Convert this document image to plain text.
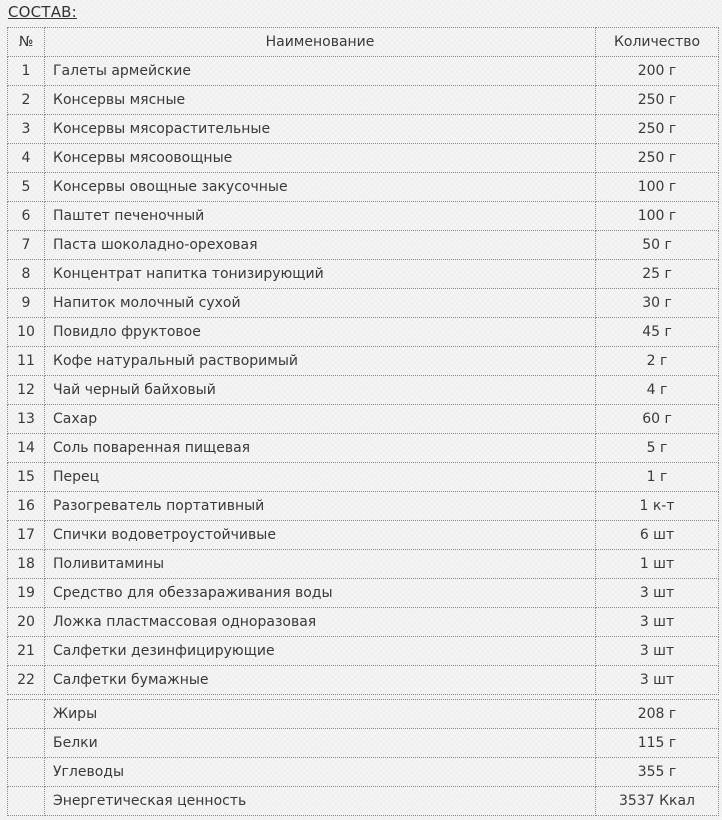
СОСТАВ:
№	Наименование	Количество
1	Галеты армейские	200 г
2	Консервы мясные	250 г
3	Консервы мясорастительные	250 г
4	Консервы мясоовощные	250 г
5	Консервы овощные закусочные	100 г
6	Паштет печеночный	100 г
7	Паста шоколадно-ореховая	50 г
8	Концентрат напитка тонизирующий	25 г
9	Напиток молочный сухой	30 г
10	Повидло фруктовое	45 г
11	Кофе натуральный растворимый	2 г
12	Чай черный байховый	4 г
13	Сахар	60 г
14	Соль поваренная пищевая	5 г
15	Перец	1 г
16	Разогреватель портативный	1 к-т
17	Спички водоветроустойчивые	6 шт
18	Поливитамины	1 шт
19	Средство для обеззараживания воды	3 шт
20	Ложка пластмассовая одноразовая	3 шт
21	Салфетки дезинфицирующие	3 шт
22	Салфетки бумажные	3 шт
	Жиры	208 г
	Белки	115 г
	Углеводы	355 г
	Энергетическая ценность	3537 Ккал
